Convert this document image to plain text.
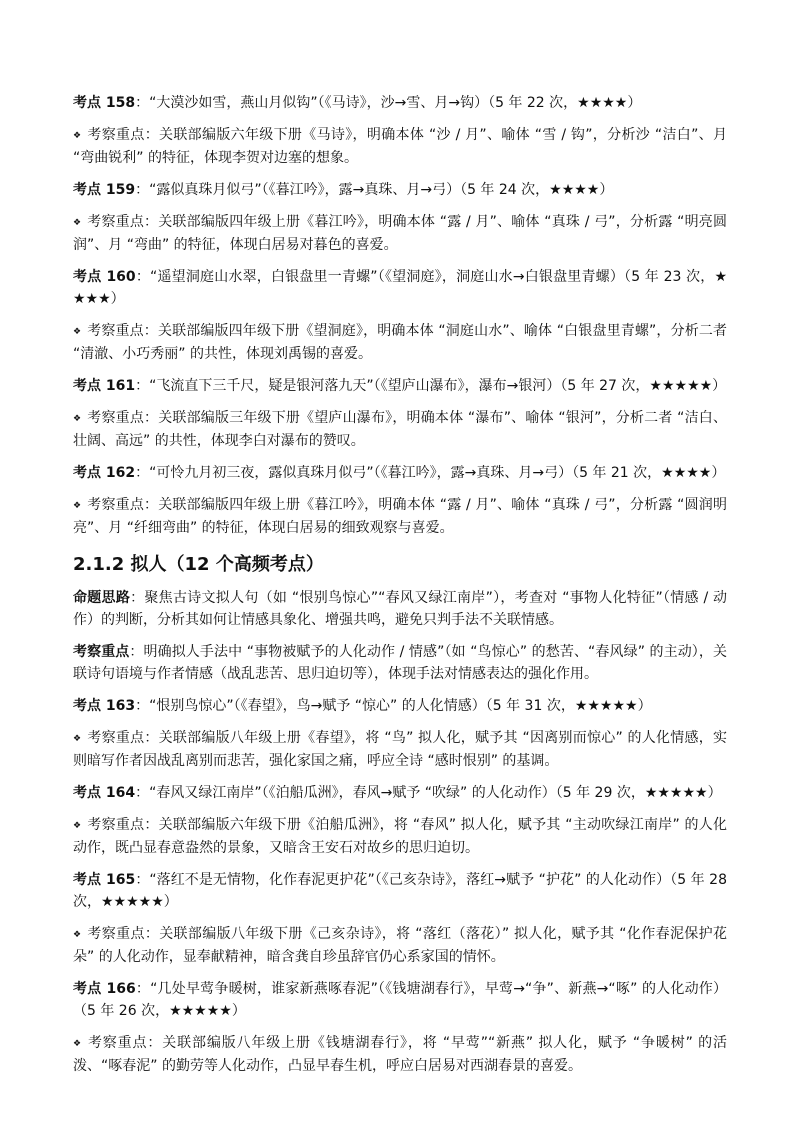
考点 158：“大漠沙如雪，燕山月似钩”（《马诗》，沙→雪、月→钩）（5 年 22 次，★★★★）

❖ 考察重点：关联部编版六年级下册《马诗》，明确本体 “沙 / 月”、喻体 “雪 / 钩”，分析沙 “洁白”、月 “弯曲锐利” 的特征，体现李贺对边塞的想象。

考点 159：“露似真珠月似弓”（《暮江吟》，露→真珠、月→弓）（5 年 24 次，★★★★）

❖ 考察重点：关联部编版四年级上册《暮江吟》，明确本体 “露 / 月”、喻体 “真珠 / 弓”，分析露 “明亮圆润”、月 “弯曲” 的特征，体现白居易对暮色的喜爱。

考点 160：“遥望洞庭山水翠，白银盘里一青螺”（《望洞庭》，洞庭山水→白银盘里青螺）（5 年 23 次，★★★★）

❖ 考察重点：关联部编版四年级下册《望洞庭》，明确本体 “洞庭山水”、喻体 “白银盘里青螺”，分析二者 “清澈、小巧秀丽” 的共性，体现刘禹锡的喜爱。

考点 161：“飞流直下三千尺，疑是银河落九天”（《望庐山瀑布》，瀑布→银河）（5 年 27 次，★★★★★）

❖ 考察重点：关联部编版三年级下册《望庐山瀑布》，明确本体 “瀑布”、喻体 “银河”，分析二者 “洁白、壮阔、高远” 的共性，体现李白对瀑布的赞叹。

考点 162：“可怜九月初三夜，露似真珠月似弓”（《暮江吟》，露→真珠、月→弓）（5 年 21 次，★★★★）

❖ 考察重点：关联部编版四年级上册《暮江吟》，明确本体 “露 / 月”、喻体 “真珠 / 弓”，分析露 “圆润明亮”、月 “纤细弯曲” 的特征，体现白居易的细致观察与喜爱。

2.1.2 拟人（12 个高频考点）

命题思路：聚焦古诗文拟人句（如 “恨别鸟惊心”“春风又绿江南岸”），考查对 “事物人化特征”（情感 / 动作）的判断，分析其如何让情感具象化、增强共鸣，避免只判手法不关联情感。

考察重点：明确拟人手法中 “事物被赋予的人化动作 / 情感”（如 “鸟惊心” 的愁苦、“春风绿” 的主动），关联诗句语境与作者情感（战乱悲苦、思归迫切等），体现手法对情感表达的强化作用。

考点 163：“恨别鸟惊心”（《春望》，鸟→赋予 “惊心” 的人化情感）（5 年 31 次，★★★★★）

❖ 考察重点：关联部编版八年级上册《春望》，将 “鸟” 拟人化，赋予其 “因离别而惊心” 的人化情感，实则暗写作者因战乱离别而悲苦，强化家国之痛，呼应全诗 “感时恨别” 的基调。

考点 164：“春风又绿江南岸”（《泊船瓜洲》，春风→赋予 “吹绿” 的人化动作）（5 年 29 次，★★★★★）

❖ 考察重点：关联部编版六年级下册《泊船瓜洲》，将 “春风” 拟人化，赋予其 “主动吹绿江南岸” 的人化动作，既凸显春意盎然的景象，又暗含王安石对故乡的思归迫切。

考点 165：“落红不是无情物，化作春泥更护花”（《己亥杂诗》，落红→赋予 “护花” 的人化动作）（5 年 28 次，★★★★★）

❖ 考察重点：关联部编版八年级下册《己亥杂诗》，将 “落红（落花）” 拟人化，赋予其 “化作春泥保护花朵” 的人化动作，显奉献精神，暗含龚自珍虽辞官仍心系家国的情怀。

考点 166：“几处早莺争暖树，谁家新燕啄春泥”（《钱塘湖春行》，早莺→“争”、新燕→“啄” 的人化动作）（5 年 26 次，★★★★★）

❖ 考察重点：关联部编版八年级上册《钱塘湖春行》，将 “早莺”“新燕” 拟人化，赋予 “争暖树” 的活泼、“啄春泥” 的勤劳等人化动作，凸显早春生机，呼应白居易对西湖春景的喜爱。
